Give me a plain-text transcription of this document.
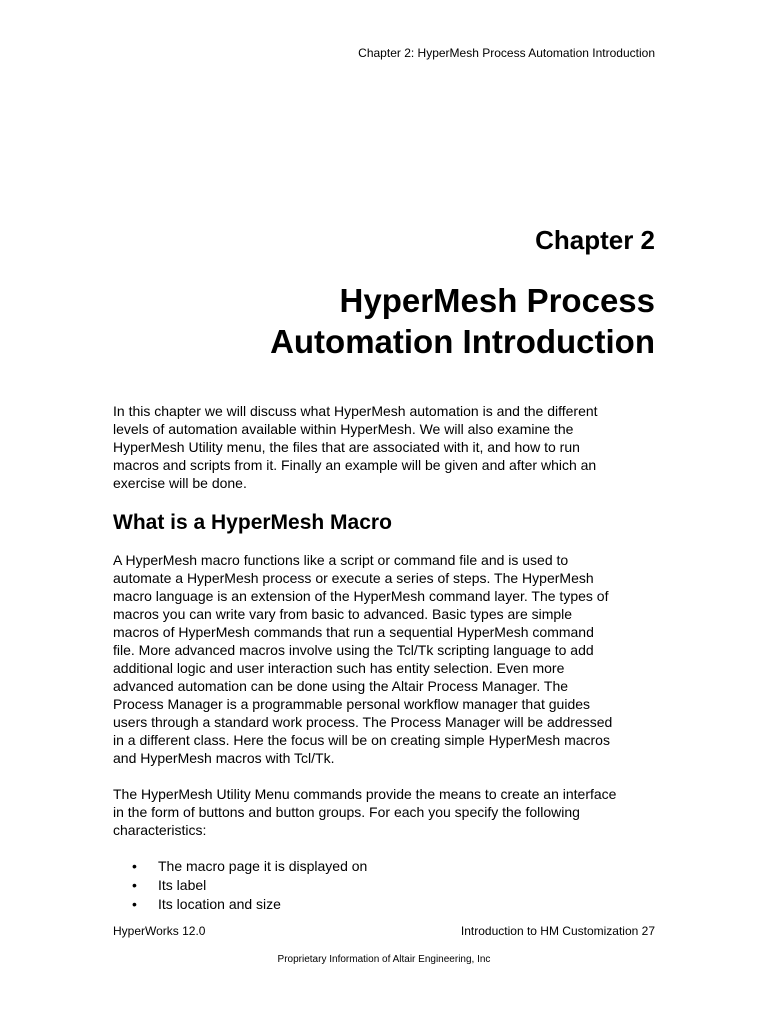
Chapter 2: HyperMesh Process Automation Introduction
Chapter 2
HyperMesh Process
Automation Introduction

In this chapter we will discuss what HyperMesh automation is and the different
levels of automation available within HyperMesh. We will also examine the
HyperMesh Utility menu, the files that are associated with it, and how to run
macros and scripts from it. Finally an example will be given and after which an
exercise will be done.

What is a HyperMesh Macro

A HyperMesh macro functions like a script or command file and is used to
automate a HyperMesh process or execute a series of steps. The HyperMesh
macro language is an extension of the HyperMesh command layer. The types of
macros you can write vary from basic to advanced. Basic types are simple
macros of HyperMesh commands that run a sequential HyperMesh command
file. More advanced macros involve using the Tcl/Tk scripting language to add
additional logic and user interaction such has entity selection. Even more
advanced automation can be done using the Altair Process Manager. The
Process Manager is a programmable personal workflow manager that guides
users through a standard work process. The Process Manager will be addressed
in a different class. Here the focus will be on creating simple HyperMesh macros
and HyperMesh macros with Tcl/Tk.

The HyperMesh Utility Menu commands provide the means to create an interface
in the form of buttons and button groups. For each you specify the following
characteristics:

• The macro page it is displayed on
• Its label
• Its location and size
HyperWorks 12.0	Introduction to HM Customization 27
Proprietary Information of Altair Engineering, Inc
